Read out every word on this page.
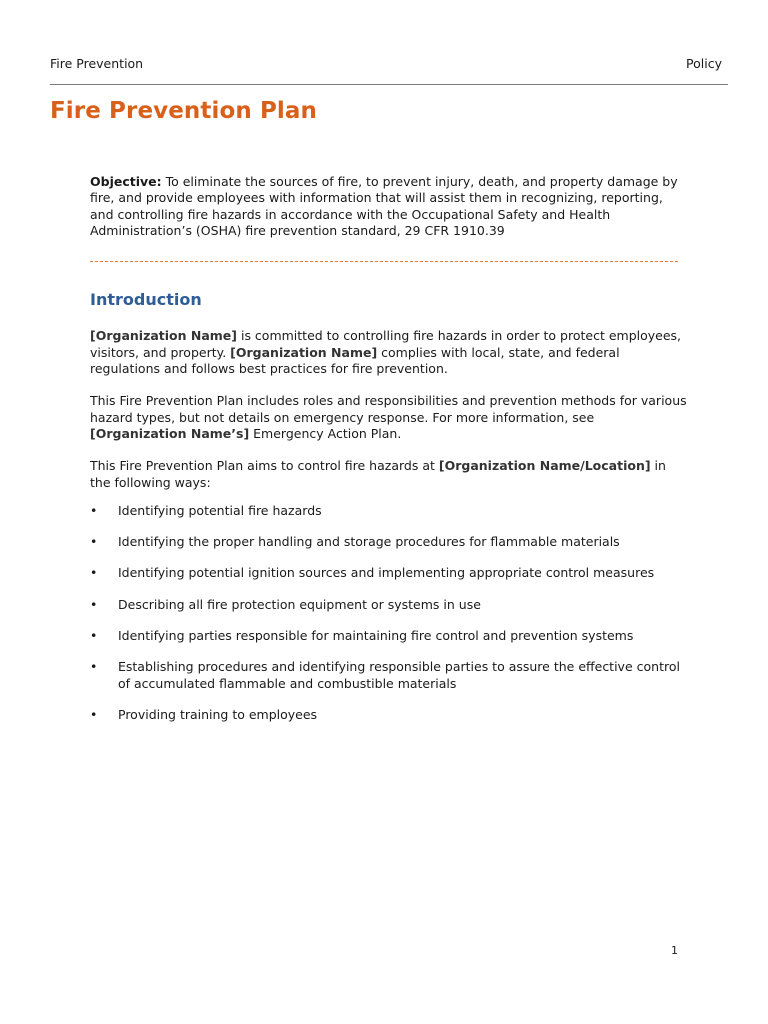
Fire Prevention	Policy
Fire Prevention Plan

Objective: To eliminate the sources of fire, to prevent injury, death, and property damage by fire, and provide employees with information that will assist them in recognizing, reporting, and controlling fire hazards in accordance with the Occupational Safety and Health Administration’s (OSHA) fire prevention standard, 29 CFR 1910.39

Introduction

[Organization Name] is committed to controlling fire hazards in order to protect employees, visitors, and property. [Organization Name] complies with local, state, and federal regulations and follows best practices for fire prevention.

This Fire Prevention Plan includes roles and responsibilities and prevention methods for various hazard types, but not details on emergency response. For more information, see [Organization Name’s] Emergency Action Plan.

This Fire Prevention Plan aims to control fire hazards at [Organization Name/Location] in the following ways:

• Identifying potential fire hazards
• Identifying the proper handling and storage procedures for flammable materials
• Identifying potential ignition sources and implementing appropriate control measures
• Describing all fire protection equipment or systems in use
• Identifying parties responsible for maintaining fire control and prevention systems
• Establishing procedures and identifying responsible parties to assure the effective control of accumulated flammable and combustible materials
• Providing training to employees
1
